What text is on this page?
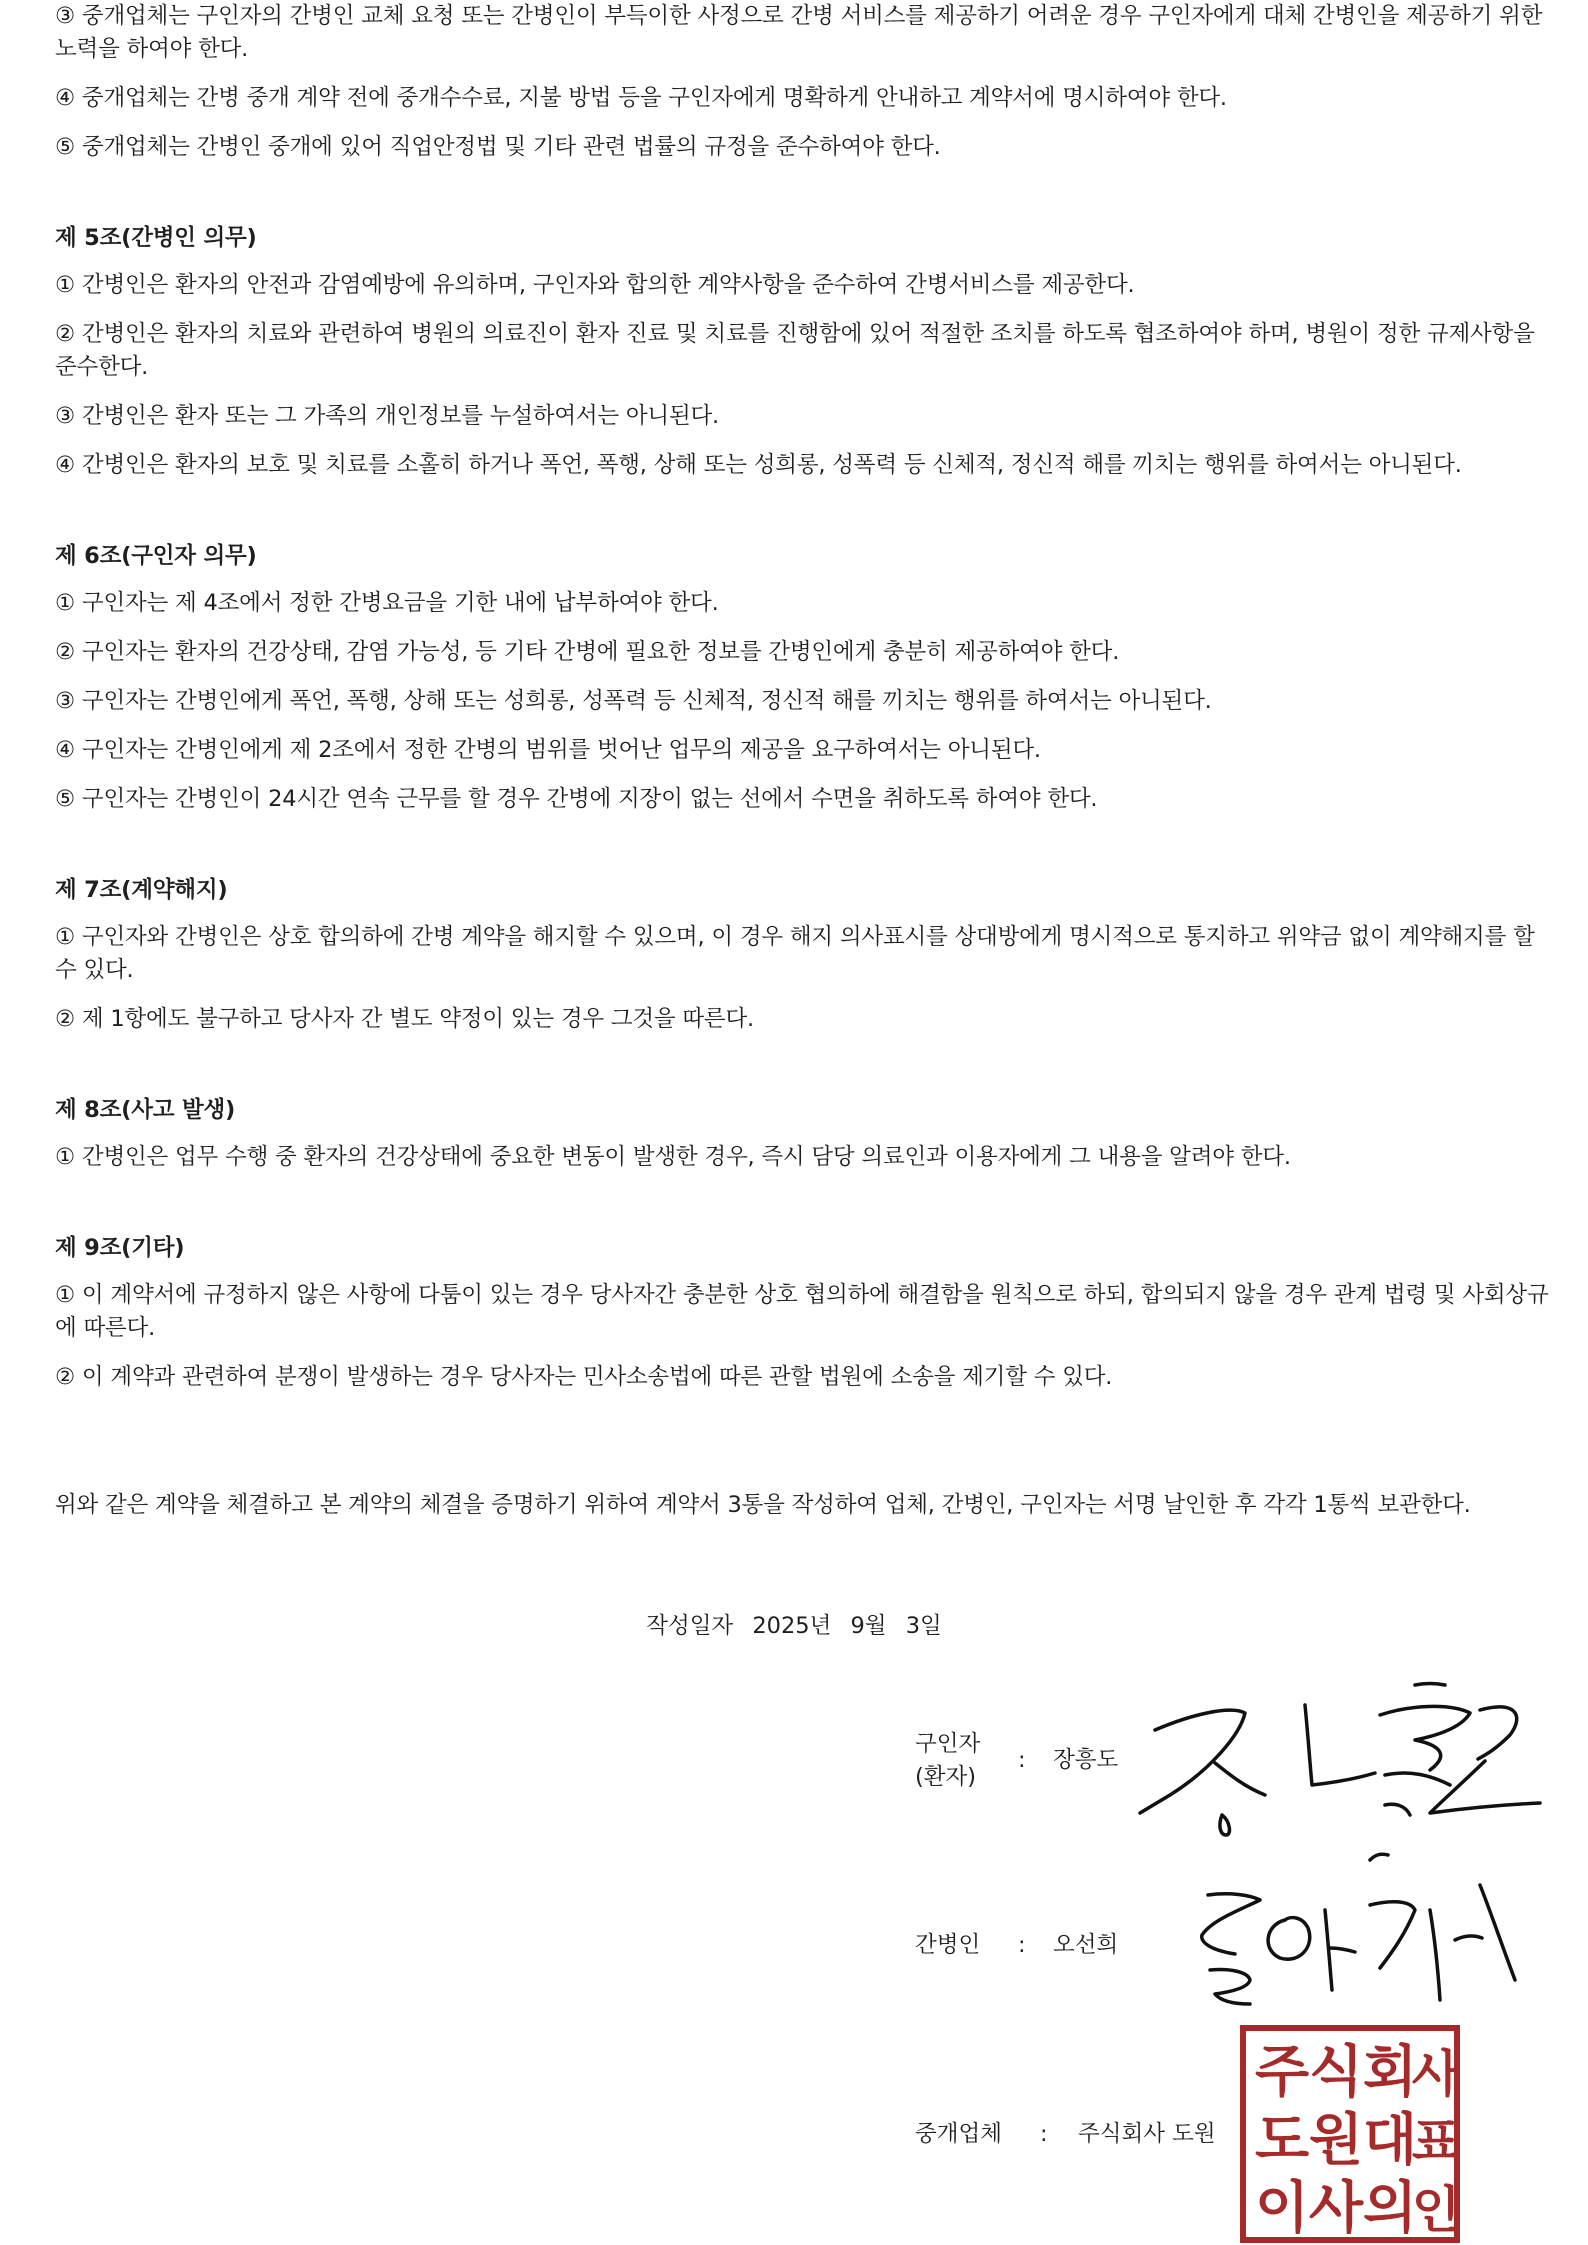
③ 중개업체는 구인자의 간병인 교체 요청 또는 간병인이 부득이한 사정으로 간병 서비스를 제공하기 어려운 경우 구인자에게 대체 간병인을 제공하기 위한 노력을 하여야 한다.

④ 중개업체는 간병 중개 계약 전에 중개수수료, 지불 방법 등을 구인자에게 명확하게 안내하고 계약서에 명시하여야 한다.

⑤ 중개업체는 간병인 중개에 있어 직업안정법 및 기타 관련 법률의 규정을 준수하여야 한다.

제 5조(간병인 의무)

① 간병인은 환자의 안전과 감염예방에 유의하며, 구인자와 합의한 계약사항을 준수하여 간병서비스를 제공한다.

② 간병인은 환자의 치료와 관련하여 병원의 의료진이 환자 진료 및 치료를 진행함에 있어 적절한 조치를 하도록 협조하여야 하며, 병원이 정한 규제사항을 준수한다.

③ 간병인은 환자 또는 그 가족의 개인정보를 누설하여서는 아니된다.

④ 간병인은 환자의 보호 및 치료를 소홀히 하거나 폭언, 폭행, 상해 또는 성희롱, 성폭력 등 신체적, 정신적 해를 끼치는 행위를 하여서는 아니된다.

제 6조(구인자 의무)

① 구인자는 제 4조에서 정한 간병요금을 기한 내에 납부하여야 한다.

② 구인자는 환자의 건강상태, 감염 가능성, 등 기타 간병에 필요한 정보를 간병인에게 충분히 제공하여야 한다.

③ 구인자는 간병인에게 폭언, 폭행, 상해 또는 성희롱, 성폭력 등 신체적, 정신적 해를 끼치는 행위를 하여서는 아니된다.

④ 구인자는 간병인에게 제 2조에서 정한 간병의 범위를 벗어난 업무의 제공을 요구하여서는 아니된다.

⑤ 구인자는 간병인이 24시간 연속 근무를 할 경우 간병에 지장이 없는 선에서 수면을 취하도록 하여야 한다.

제 7조(계약해지)

① 구인자와 간병인은 상호 합의하에 간병 계약을 해지할 수 있으며, 이 경우 해지 의사표시를 상대방에게 명시적으로 통지하고 위약금 없이 계약해지를 할 수 있다.

② 제 1항에도 불구하고 당사자 간 별도 약정이 있는 경우 그것을 따른다.

제 8조(사고 발생)

① 간병인은 업무 수행 중 환자의 건강상태에 중요한 변동이 발생한 경우, 즉시 담당 의료인과 이용자에게 그 내용을 알려야 한다.

제 9조(기타)

① 이 계약서에 규정하지 않은 사항에 다툼이 있는 경우 당사자간 충분한 상호 협의하에 해결함을 원칙으로 하되, 합의되지 않을 경우 관계 법령 및 사회상규에 따른다.

② 이 계약과 관련하여 분쟁이 발생하는 경우 당사자는 민사소송법에 따른 관할 법원에 소송을 제기할 수 있다.

위와 같은 계약을 체결하고 본 계약의 체결을 증명하기 위하여 계약서 3통을 작성하여 업체, 간병인, 구인자는 서명 날인한 후 각각 1통씩 보관한다.

작성일자 2025년 9월 3일
구인자
(환자)
: 장흥도
간병인	: 오선희
중개업체	: 주식회사 도원
주 식 회
사
도 원 대
표
이 사 의
인
